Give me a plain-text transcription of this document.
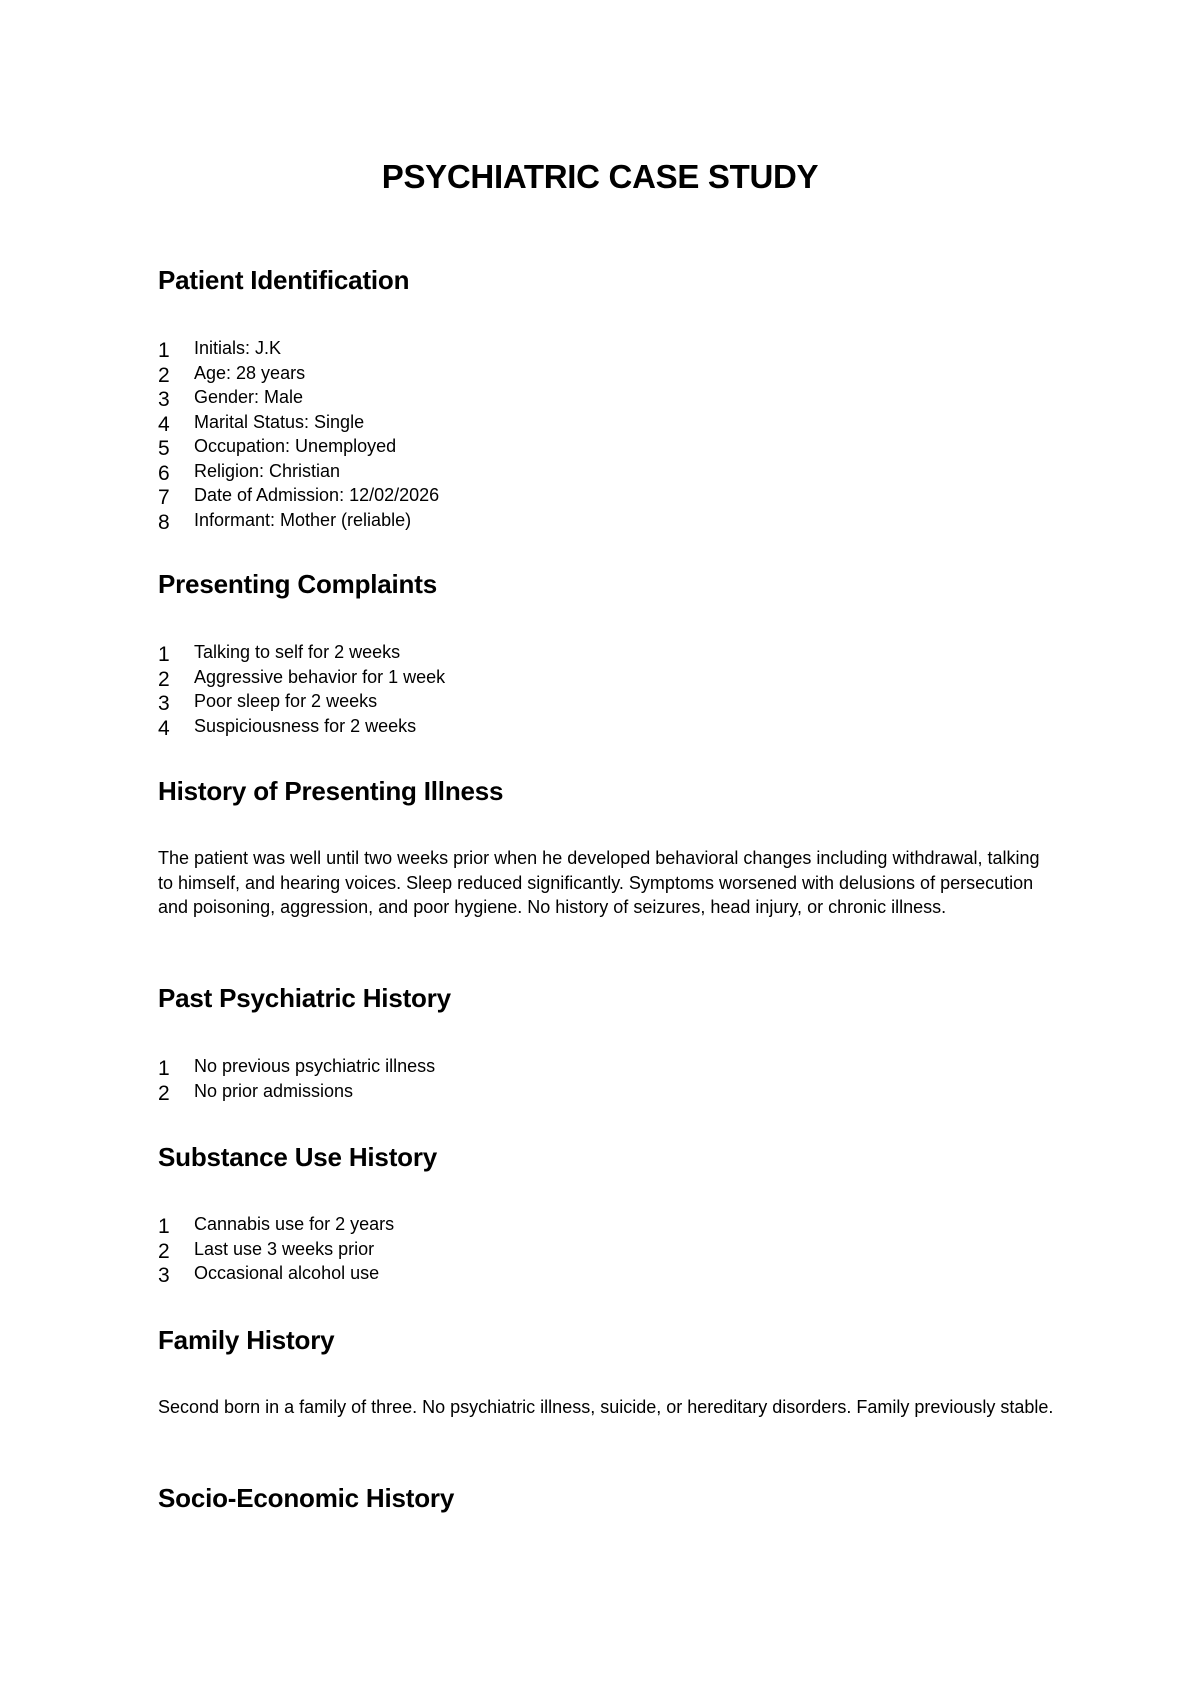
PSYCHIATRIC CASE STUDY
Patient Identification
1	Initials: J.K
2	Age: 28 years
3	Gender: Male
4	Marital Status: Single
5	Occupation: Unemployed
6	Religion: Christian
7	Date of Admission: 12/02/2026
8	Informant: Mother (reliable)
Presenting Complaints
1	Talking to self for 2 weeks
2	Aggressive behavior for 1 week
3	Poor sleep for 2 weeks
4	Suspiciousness for 2 weeks
History of Presenting Illness

The patient was well until two weeks prior when he developed behavioral changes including withdrawal, talking to himself, and hearing voices. Sleep reduced significantly. Symptoms worsened with delusions of persecution and poisoning, aggression, and poor hygiene. No history of seizures, head injury, or chronic illness.

Past Psychiatric History
1	No previous psychiatric illness
2	No prior admissions
Substance Use History
1	Cannabis use for 2 years
2	Last use 3 weeks prior
3	Occasional alcohol use
Family History

Second born in a family of three. No psychiatric illness, suicide, or hereditary disorders. Family previously stable.

Socio-Economic History
